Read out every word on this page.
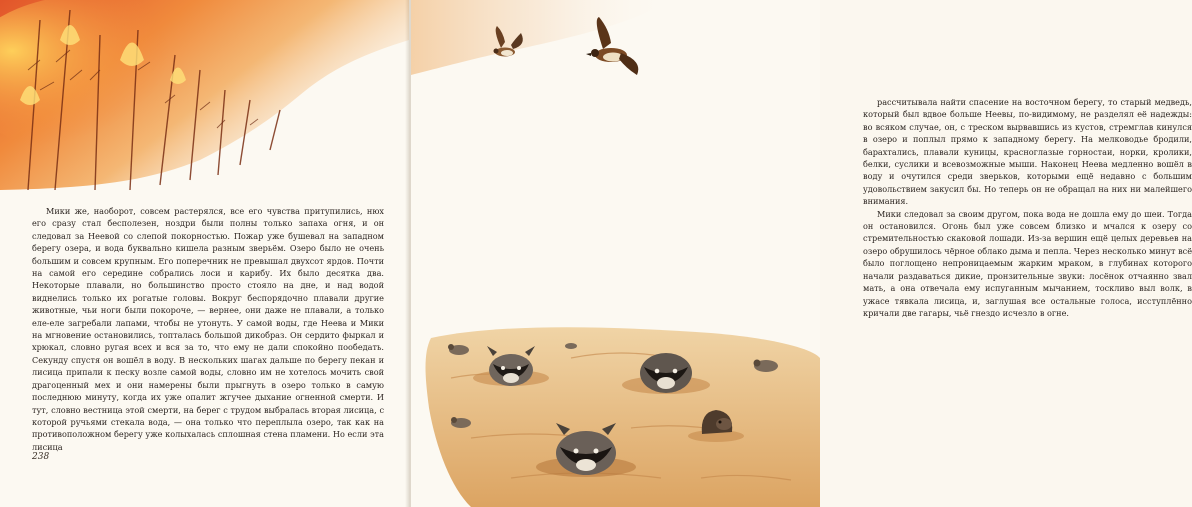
Мики же, наоборот, совсем растерялся, все его чувства притупились, нюх его сразу стал бесполезен, ноздри были полны только запаха огня, и он следовал за Неевой со слепой покорностью. Пожар уже бушевал на западном берегу озера, и вода буквально кишела разным зверьём. Озеро было не очень большим и совсем крупным. Его поперечник не превышал двухсот ярдов. Почти на самой его середине собрались лоси и карибу. Их было десятка два. Некоторые плавали, но большинство просто стояло на дне, и над водой виднелись только их рогатые головы. Вокруг беспорядочно плавали другие животные, чьи ноги были покороче, — вернее, они даже не плавали, а только еле-еле загребали лапами, чтобы не утонуть. У самой воды, где Неева и Мики на мгновение остановились, топталась большой дикобраз. Он сердито фыркал и хрюкал, словно ругая всех и вся за то, что ему не дали спокойно пообедать. Секунду спустя он вошёл в воду. В нескольких шагах дальше по берегу пекан и лисица припали к песку возле самой воды, словно им не хотелось мочить свой драгоценный мех и они намерены были прыгнуть в озеро только в самую последнюю минуту, когда их уже опалит жгучее дыхание огненной смерти. И тут, словно вестница этой смерти, на берег с трудом выбралась вторая лисица, с которой ручьями стекала вода, — она только что переплыла озеро, так как на противоположном берегу уже колыхалась сплошная стена пламени. Но если эта лисица

238

рассчитывала найти спасение на восточном берегу, то старый медведь, который был вдвое больше Неевы, по-видимому, не разделял её надежды: во всяком случае, он, с треском вырвавшись из кустов, стремглав кинулся в озеро и поплыл прямо к западному берегу. На мелководье бродили, барахтались, плавали куницы, красноглазые горностаи, норки, кролики, белки, суслики и всевозможные мыши. Наконец Неева медленно вошёл в воду и очутился среди зверьков, которыми ещё недавно с большим удовольствием закусил бы. Но теперь он не обращал на них ни малейшего внимания.

Мики следовал за своим другом, пока вода не дошла ему до шеи. Тогда он остановился. Огонь был уже совсем близко и мчался к озеру со стремительностью скаковой лошади. Из-за вершин ещё целых деревьев на озеро обрушилось чёрное облако дыма и пепла. Через несколько минут всё было поглощено непроницаемым жарким мраком, в глубинах которого начали раздаваться дикие, пронзительные звуки: лосёнок отчаянно звал мать, а она отвечала ему испуганным мычанием, тоскливо выл волк, в ужасе тявкала лисица, и, заглушая все остальные голоса, исступлённо кричали две гагары, чьё гнездо исчезло в огне.
